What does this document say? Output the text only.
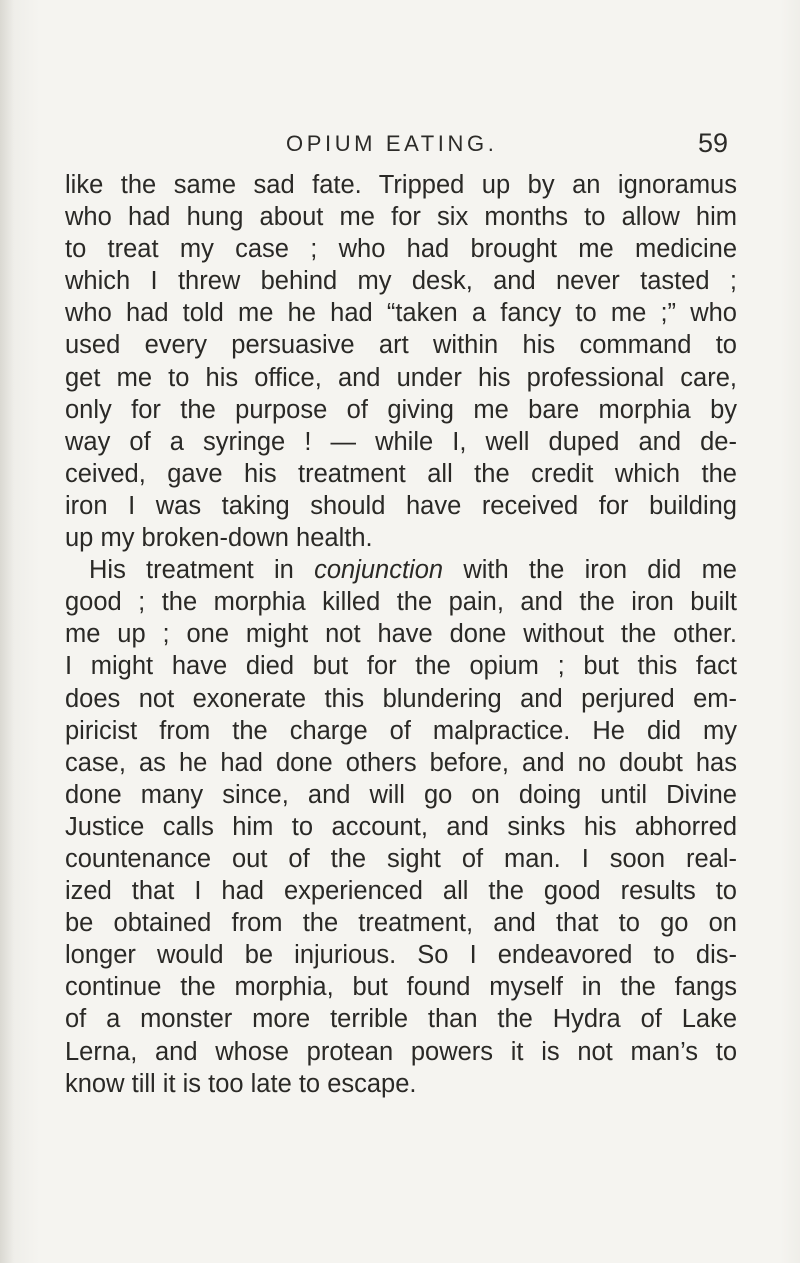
OPIUM EATING.	59
like the same sad fate. Tripped up by an ignoramus
who had hung about me for six months to allow him
to treat my case ; who had brought me medicine
which I threw behind my desk, and never tasted ;
who had told me he had “taken a fancy to me ;” who
used every persuasive art within his command to
get me to his office, and under his professional care,
only for the purpose of giving me bare morphia by
way of a syringe ! — while I, well duped and de-
ceived, gave his treatment all the credit which the
iron I was taking should have received for building
up my broken-down health.
His treatment in conjunction with the iron did me
good ; the morphia killed the pain, and the iron built
me up ; one might not have done without the other.
I might have died but for the opium ; but this fact
does not exonerate this blundering and perjured em-
piricist from the charge of malpractice. He did my
case, as he had done others before, and no doubt has
done many since, and will go on doing until Divine
Justice calls him to account, and sinks his abhorred
countenance out of the sight of man. I soon real-
ized that I had experienced all the good results to
be obtained from the treatment, and that to go on
longer would be injurious. So I endeavored to dis-
continue the morphia, but found myself in the fangs
of a monster more terrible than the Hydra of Lake
Lerna, and whose protean powers it is not man’s to
know till it is too late to escape.
